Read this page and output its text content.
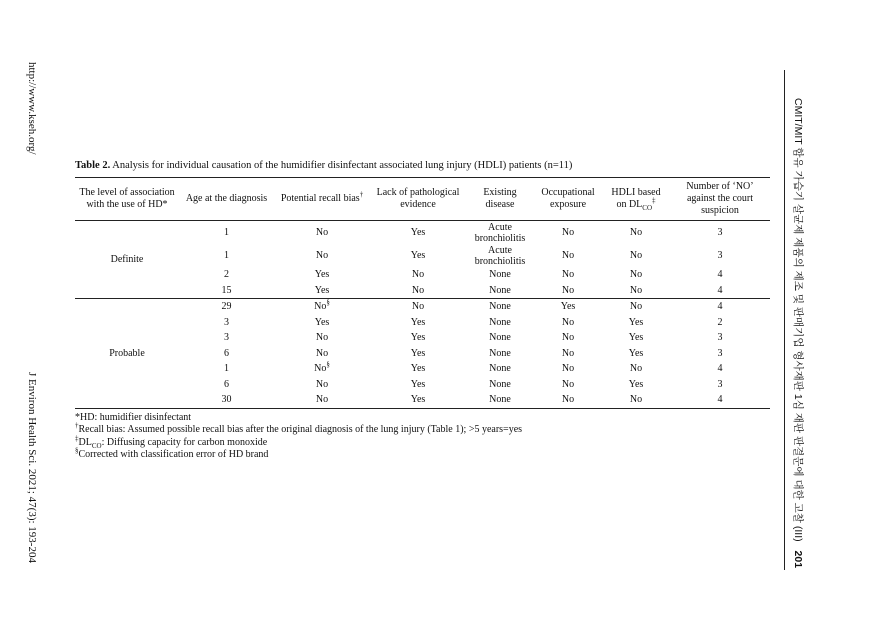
http://www.kseh.org/
J Environ Health Sci. 2021; 47(3): 193-204	CMIT/MIT 함유 가습기 살균제 제품의 제조 및 판매기업 형사재판 1심 재판 판결문에 대한 고찰 (III) 201
Table 2. Analysis for individual causation of the humidifier disinfectant associated lung injury (HDLI) patients (n=11)
The level of association with the use of HD*	Age at the diagnosis	Potential recall bias†	Lack of pathological evidence	Existing disease	Occupational exposure	HDLI based
on $DL_{CO}^\ddagger$	Number of ‘NO’ against the court suspicion
Definite	1	No	Yes	Acute bronchiolitis	No	No	3
	1	No	Yes	Acute bronchiolitis	No	No	3
	2	Yes	No	None	No	No	4
	15	Yes	No	None	No	No	4
Probable	29	No§	No	None	Yes	No	4
	3	Yes	Yes	None	No	Yes	2
	3	No	Yes	None	No	Yes	3
	6	No	Yes	None	No	Yes	3
	1	No§	Yes	None	No	No	4
	6	No	Yes	None	No	Yes	3
	30	No	Yes	None	No	No	4
*HD: humidifier disinfectant
†Recall bias: Assumed possible recall bias after the original diagnosis of the lung injury (Table 1); >5 years=yes
$^\ddagger DL_{CO}$: Diffusing capacity for carbon monoxide
§Corrected with classification error of HD brand
